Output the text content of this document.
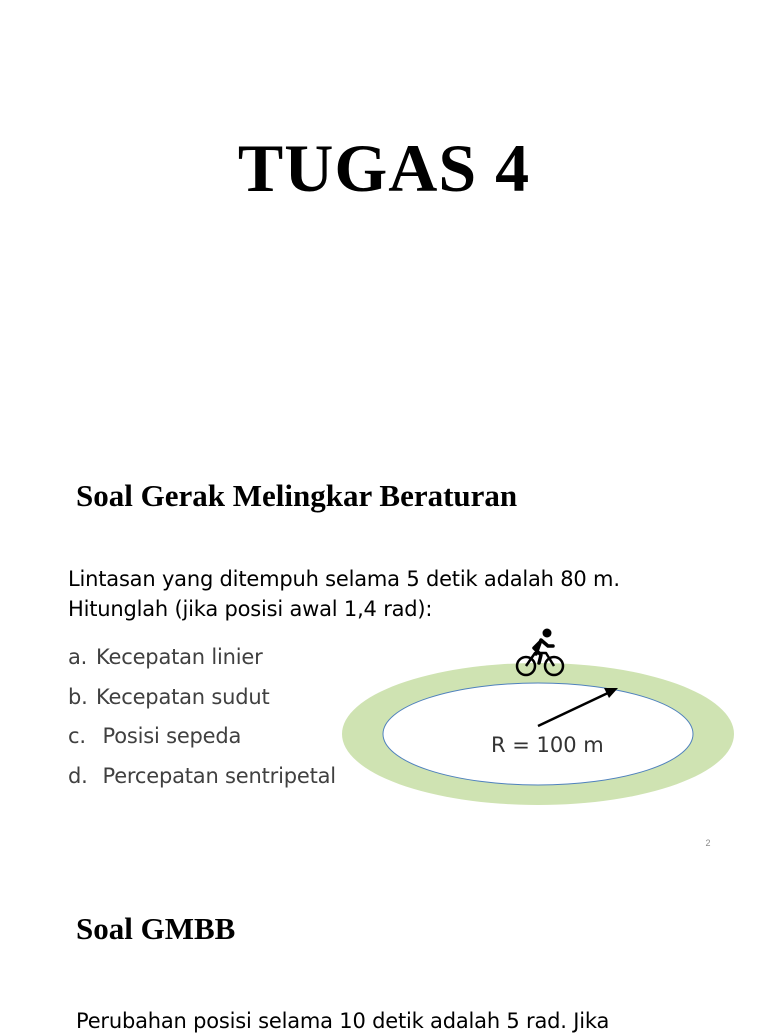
TUGAS 4
Soal Gerak Melingkar Beraturan
Lintasan yang ditempuh selama 5 detik adalah 80 m.
Hitunglah (jika posisi awal 1,4 rad):
a. Kecepatan linier
b. Kecepatan sudut
c. Posisi sepeda
d. Percepatan sentripetal
R = 100 m
2
Soal GMBB
Perubahan posisi selama 10 detik adalah 5 rad. Jika
